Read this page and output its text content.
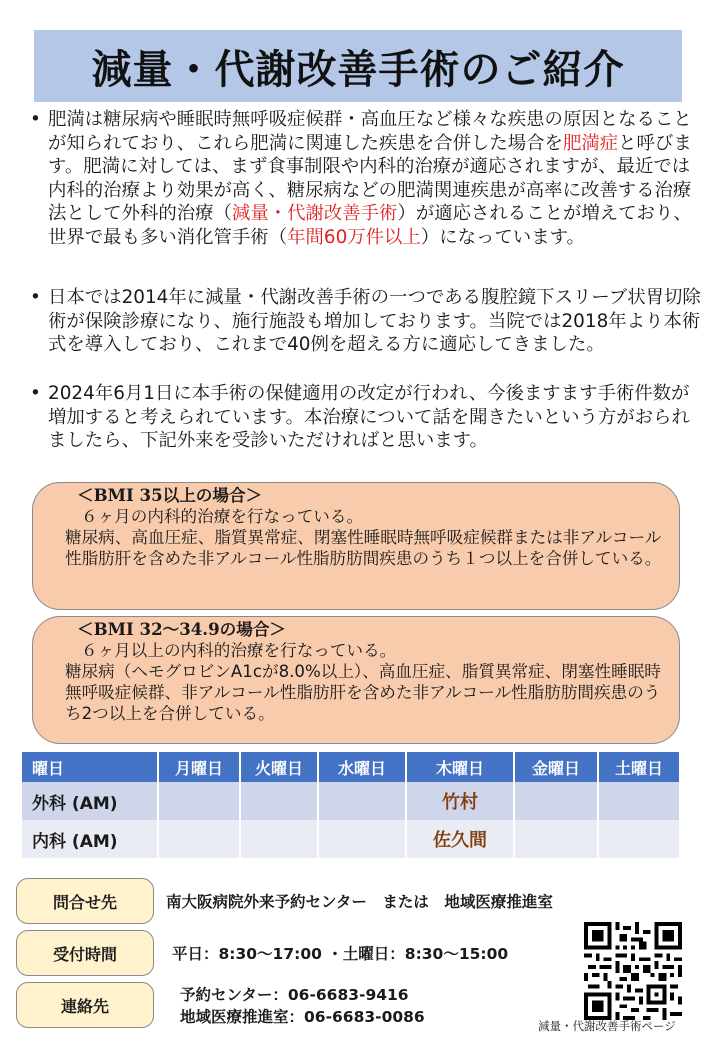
減量・代謝改善手術のご紹介
• 肥満は糖尿病や睡眠時無呼吸症候群・高血圧など様々な疾患の原因となることが知られており、これら肥満に関連した疾患を合併した場合を肥満症と呼びます。肥満に対しては、まず食事制限や内科的治療が適応されますが、最近では内科的治療より効果が高く、糖尿病などの肥満関連疾患が高率に改善する治療法として外科的治療（減量・代謝改善手術）が適応されることが増えており、世界で最も多い消化管手術（年間60万件以上）になっています。
• 日本では2014年に減量・代謝改善手術の一つである腹腔鏡下スリーブ状胃切除術が保険診療になり、施行施設も増加しております。当院では2018年より本術式を導入しており、これまで40例を超える方に適応してきました。
• 2024年6月1日に本手術の保健適用の改定が行われ、今後ますます手術件数が増加すると考えられています。本治療について話を聞きたいという方がおられましたら、下記外来を受診いただければと思います。
＜BMI 35以上の場合＞
６ヶ月の内科的治療を行なっている。
糖尿病、高血圧症、脂質異常症、閉塞性睡眠時無呼吸症候群または非アルコール性脂肪肝を含めた非アルコール性脂肪肪間疾患のうち１つ以上を合併している。
＜BMI 32～34.9の場合＞
６ヶ月以上の内科的治療を行なっている。
糖尿病（ヘモグロビンA1cが8.0%以上）、高血圧症、脂質異常症、閉塞性睡眠時無呼吸症候群、非アルコール性脂肪肝を含めた非アルコール性脂肪肪間疾患のうち2つ以上を合併している。
曜日	月曜日	火曜日	水曜日	木曜日	金曜日	土曜日
外科 (AM)				竹村		
内科 (AM)				佐久間		
問合せ先	南大阪病院外来予約センター　または　地域医療推進室
受付時間	平日：8:30～17:00 ・土曜日：8:30～15:00
連絡先
予約センター：06-6683-9416
地域医療推進室：06-6683-0086	減量・代謝改善手術ページ
